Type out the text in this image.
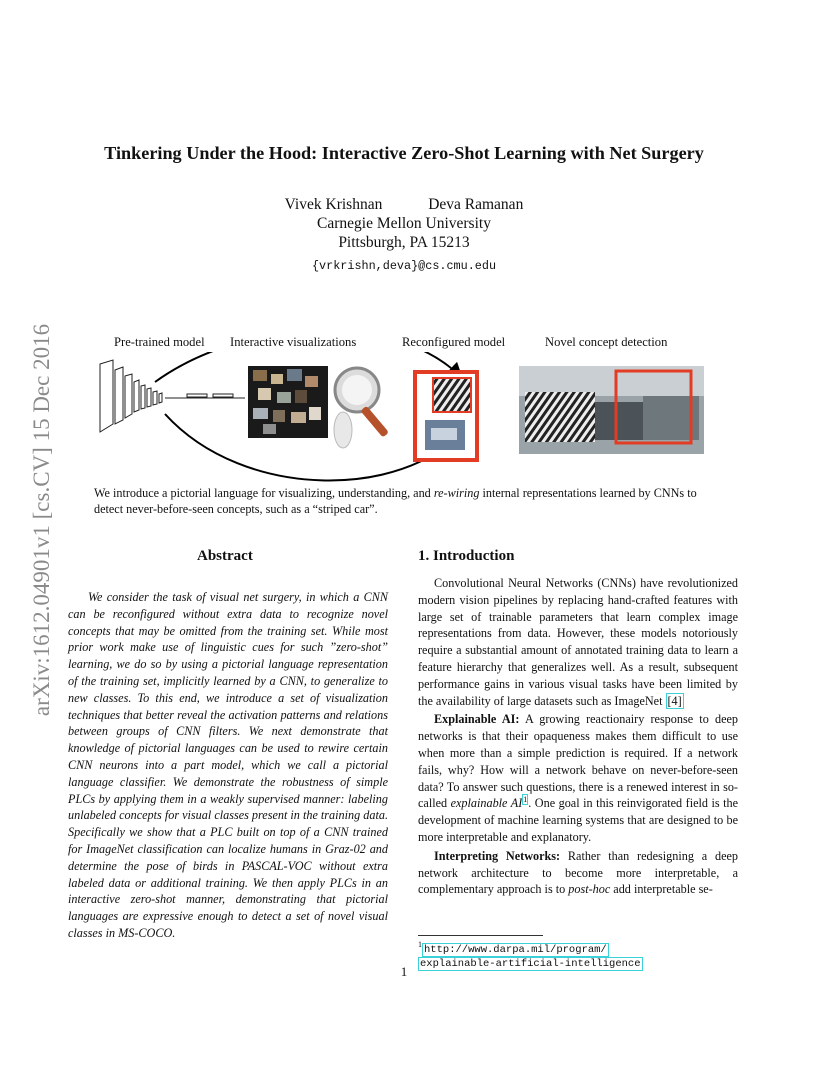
arXiv:1612.04901v1 [cs.CV] 15 Dec 2016
Tinkering Under the Hood: Interactive Zero-Shot Learning with Net Surgery
Vivek Krishnan	Deva Ramanan
Carnegie Mellon University
Pittsburgh, PA 15213
{vrkrishn,deva}@cs.cmu.edu
Pre-trained model Interactive visualizations	Reconfigured model	Novel concept detection
We introduce a pictorial language for visualizing, understanding, and re-wiring internal representations learned by CNNs to detect never-before-seen concepts, such as a “striped car”.
Abstract	1. Introduction
We consider the task of visual net surgery, in which a CNN can be reconfigured without extra data to recognize novel concepts that may be omitted from the training set. While most prior work make use of linguistic cues for such ”zero-shot” learning, we do so by using a pictorial language representation of the training set, implicitly learned by a CNN, to generalize to new classes. To this end, we introduce a set of visualization techniques that better reveal the activation patterns and relations between groups of CNN filters. We next demonstrate that knowledge of pictorial languages can be used to rewire certain CNN neurons into a part model, which we call a pictorial language classifier. We demonstrate the robustness of simple PLCs by applying them in a weakly supervised manner: labeling unlabeled concepts for visual classes present in the training data. Specifically we show that a PLC built on top of a CNN trained for ImageNet classification can localize humans in Graz-02 and determine the pose of birds in PASCAL-VOC without extra labeled data or additional training. We then apply PLCs in an interactive zero-shot manner, demonstrating that pictorial languages are expressive enough to detect a set of novel visual classes in MS-COCO.

Convolutional Neural Networks (CNNs) have revolutionized modern vision pipelines by replacing hand-crafted features with large set of trainable parameters that learn complex image representations from data. However, these models notoriously require a substantial amount of annotated training data to learn a feature hierarchy that generalizes well. As a result, subsequent performance gains in various visual tasks have been limited by the availability of large datasets such as ImageNet [4]

Explainable AI: A growing reactionairy response to deep networks is that their opaqueness makes them difficult to use when more than a simple prediction is required. If a network fails, why? How will a network behave on never-before-seen data? To answer such questions, there is a renewed interest in so-called explainable AI$^1$. One goal in this reinvigorated field is the development of machine learning systems that are designed to be more interpretable and explanatory.

Interpreting Networks: Rather than redesigning a deep network architecture to become more interpretable, a complementary approach is to post-hoc add interpretable se-

$^1$ http://www.darpa.mil/program/
explainable-artificial-intelligence
1
